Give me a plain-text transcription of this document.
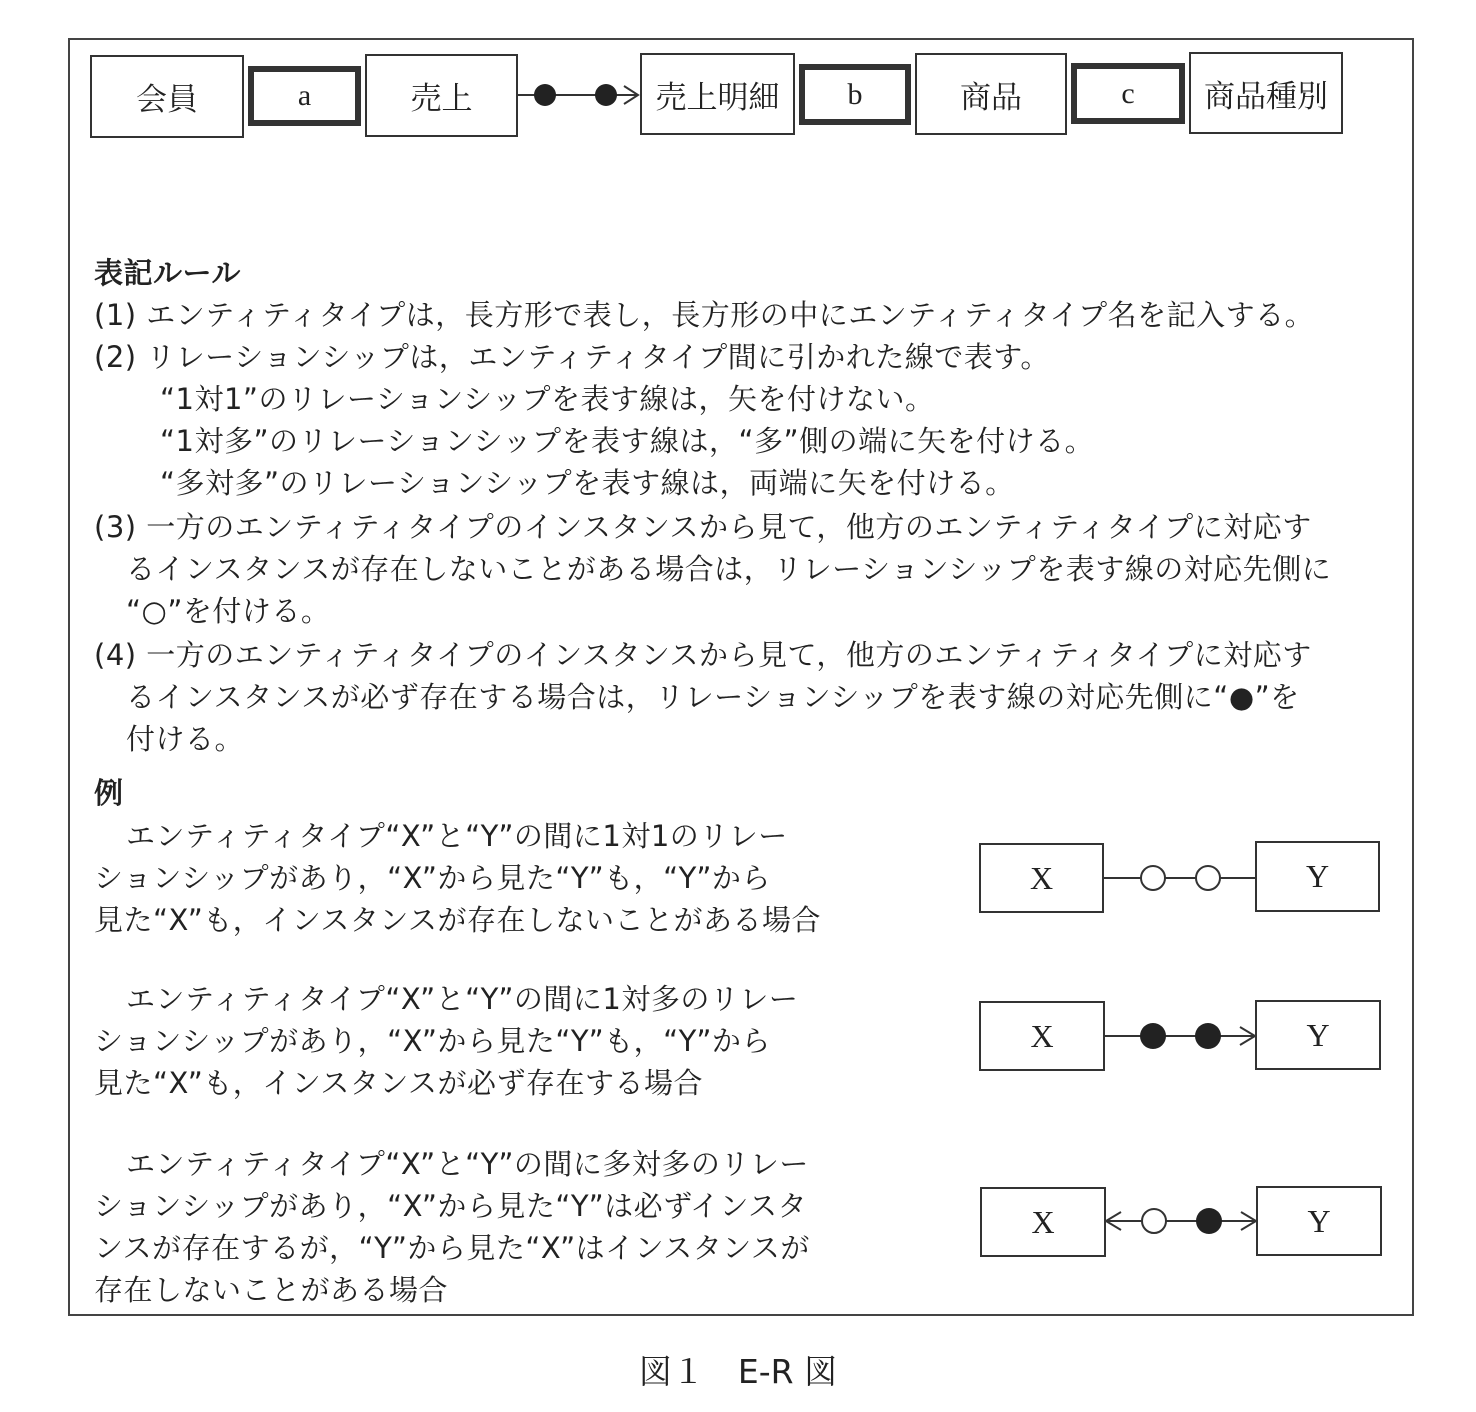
会員	a	売上	売上明細	b	商品	c	商品種別
表記ルール
(1) エンティティタイプは，長方形で表し，長方形の中にエンティティタイプ名を記入する。
(2) リレーションシップは，エンティティタイプ間に引かれた線で表す。
“1対1”のリレーションシップを表す線は，矢を付けない。
“1対多”のリレーションシップを表す線は，“多”側の端に矢を付ける。
“多対多”のリレーションシップを表す線は，両端に矢を付ける。
(3) 一方のエンティティタイプのインスタンスから見て，他方のエンティティタイプに対応す
るインスタンスが存在しないことがある場合は，リレーションシップを表す線の対応先側に
“○”を付ける。
(4) 一方のエンティティタイプのインスタンスから見て，他方のエンティティタイプに対応す
るインスタンスが必ず存在する場合は，リレーションシップを表す線の対応先側に“●”を
付ける。
例
エンティティタイプ“X”と“Y”の間に1対1のリレー
ションシップがあり，“X”から見た“Y”も，“Y”から
見た“X”も，インスタンスが存在しないことがある場合
X	Y
エンティティタイプ“X”と“Y”の間に1対多のリレー
ションシップがあり，“X”から見た“Y”も，“Y”から
見た“X”も，インスタンスが必ず存在する場合
X	Y
エンティティタイプ“X”と“Y”の間に多対多のリレー
ションシップがあり，“X”から見た“Y”は必ずインスタ
ンスが存在するが，“Y”から見た“X”はインスタンスが
存在しないことがある場合
X	Y
図１　E-R 図
